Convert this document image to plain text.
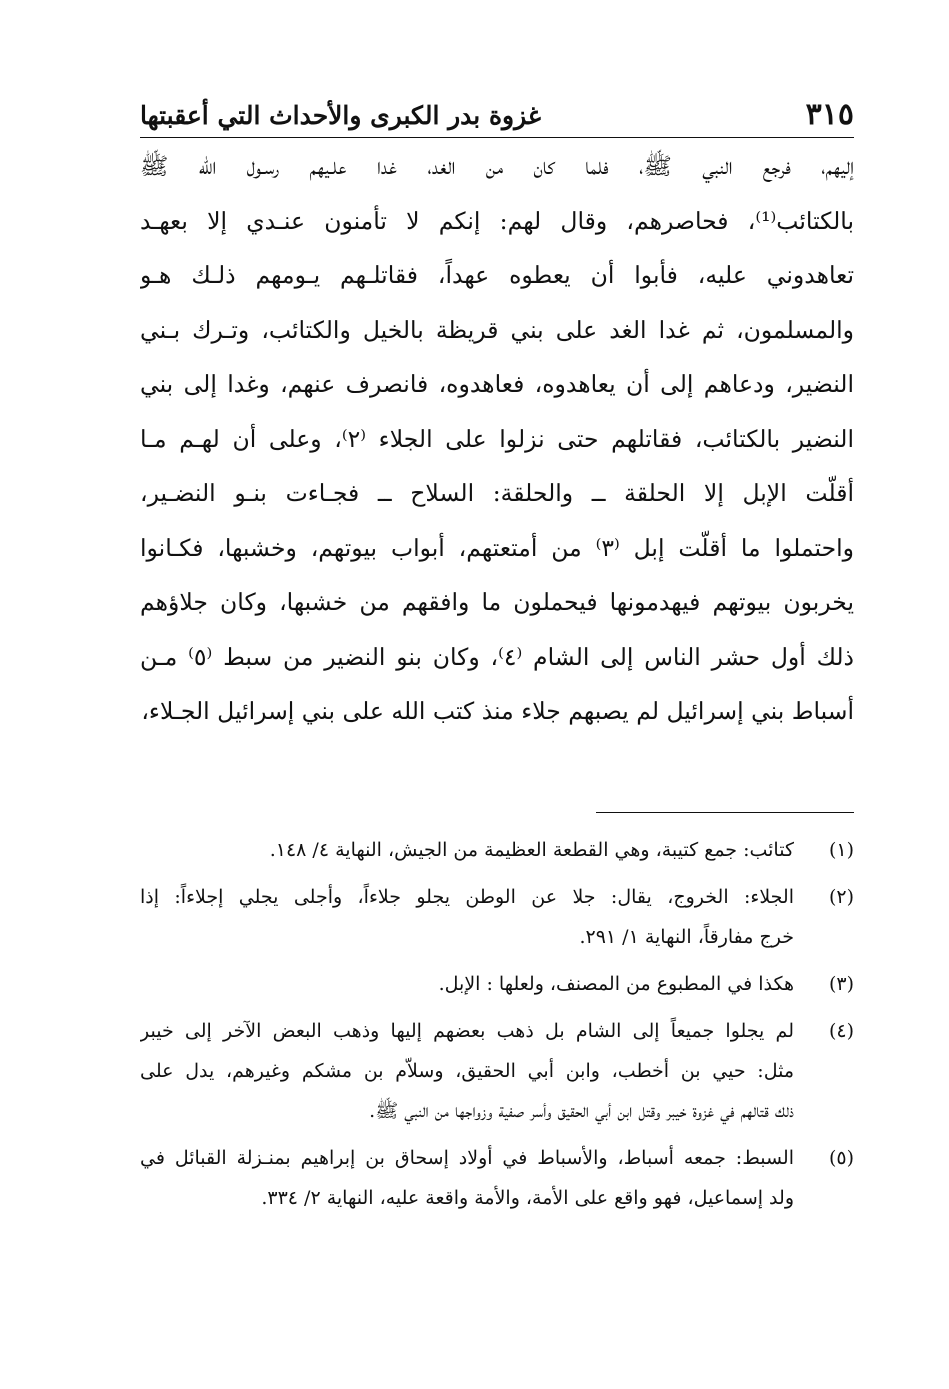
٣١٥
غزوة بدر الكبرى والأحداث التي أعقبتها
إليهم، فرجع النبي ﷺ، فلما كان من الغد، غدا علـيهم رسـول الله ﷺ
بالكتائب⁽¹⁾، فحاصرهم، وقال لهم: إنكم لا تأمنون عنـدي إلا بعهـد
تعاهدوني عليه، فأبوا أن يعطوه عهداً، فقاتلـهم يـومهم ذلـك هـو
والمسلمون، ثم غدا الغد على بني قريظة بالخيل والكتائب، وتـرك بـني
النضير، ودعاهم إلى أن يعاهدوه، فعاهدوه، فانصرف عنهم، وغدا إلى بني
النضير بالكتائب، فقاتلهم حتى نزلوا على الجلاء ⁽٢⁾، وعلى أن لهـم مـا
أقلّت الإبل إلا الحلقة ــ والحلقة: السلاح ــ فجـاءت بنـو النضـير،
واحتملوا ما أقلّت إبل ⁽٣⁾ من أمتعتهم، أبواب بيوتهم، وخشبها، فكـانوا
يخربون بيوتهم فيهدمونها فيحملون ما وافقهم من خشبها، وكان جلاؤهم
ذلك أول حشر الناس إلى الشام ⁽٤⁾، وكان بنو النضير من سبط ⁽٥⁾ مـن
أسباط بني إسرائيل لم يصبهم جلاء منذ كتب الله على بني إسرائيل الجـلاء،
(١)
كتائب: جمع كتيبة، وهي القطعة العظيمة من الجيش، النهاية ٤/ ١٤٨.
(٢)
الجلاء: الخروج، يقال: جلا عن الوطن يجلو جلاءاً، وأجلى يجلي إجلاءاً: إذا
خرج مفارقاً، النهاية ١/ ٢٩١.
(٣)
هكذا في المطبوع من المصنف، ولعلها : الإبل.
(٤)
لم يجلوا جميعاً إلى الشام بل ذهب بعضهم إليها وذهب البعض الآخر إلى خيبر
مثل: حيي بن أخطب، وابن أبي الحقيق، وسلاّم بن مشكم وغيرهم، يدل على
ذلك قتالهم في غزوة خيبر وقتل ابن أبي الحقيق وأسر صفية وزواجها من النبي ﷺ.
(٥)
السبط: جمعه أسباط، والأسباط في أولاد إسحاق بن إبراهيم بمنـزلة القبائل في
ولد إسماعيل، فهو واقع على الأمة، والأمة واقعة عليه، النهاية ٢/ ٣٣٤.
